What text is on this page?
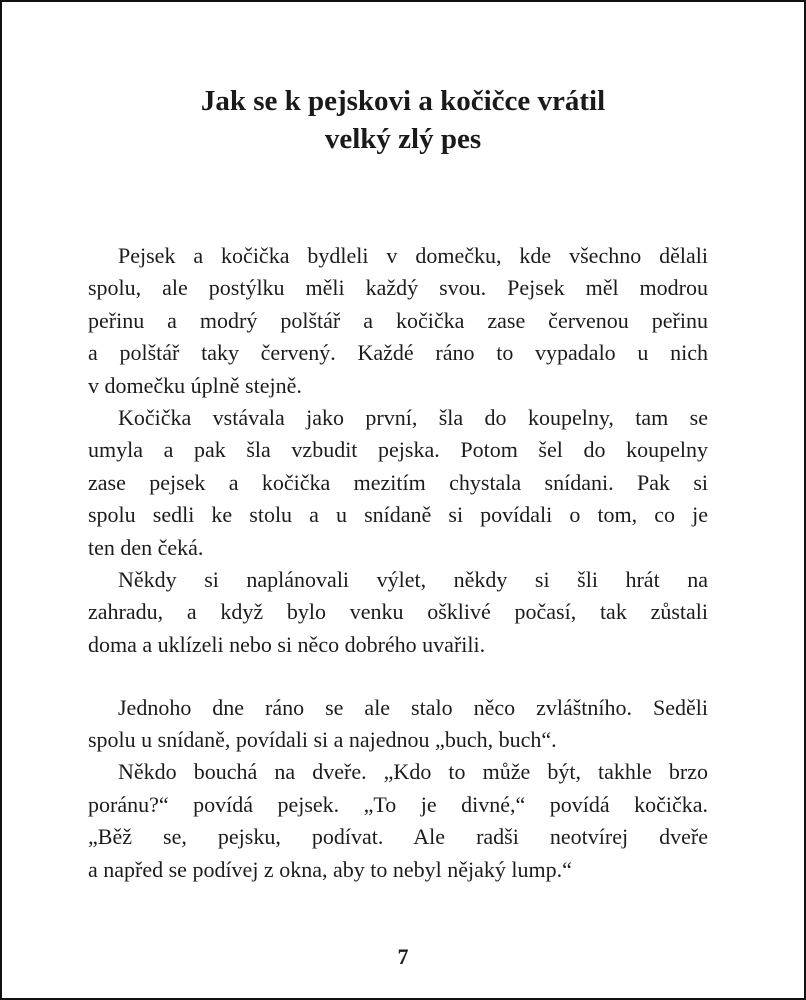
Jak se k pejskovi a kočičce vrátil
velký zlý pes
Pejsek a kočička bydleli v domečku, kde všechno dělali
spolu, ale postýlku měli každý svou. Pejsek měl modrou
peřinu a modrý polštář a kočička zase červenou peřinu
a polštář taky červený. Každé ráno to vypadalo u nich
v domečku úplně stejně.
Kočička vstávala jako první, šla do koupelny, tam se
umyla a pak šla vzbudit pejska. Potom šel do koupelny
zase pejsek a kočička mezitím chystala snídani. Pak si
spolu sedli ke stolu a u snídaně si povídali o tom, co je
ten den čeká.
Někdy si naplánovali výlet, někdy si šli hrát na
zahradu, a když bylo venku ošklivé počasí, tak zůstali
doma a uklízeli nebo si něco dobrého uvařili.
Jednoho dne ráno se ale stalo něco zvláštního. Seděli
spolu u snídaně, povídali si a najednou „buch, buch“.
Někdo bouchá na dveře. „Kdo to může být, takhle brzo
poránu?“ povídá pejsek. „To je divné,“ povídá kočička.
„Běž se, pejsku, podívat. Ale radši neotvírej dveře
a napřed se podívej z okna, aby to nebyl nějaký lump.“
7
